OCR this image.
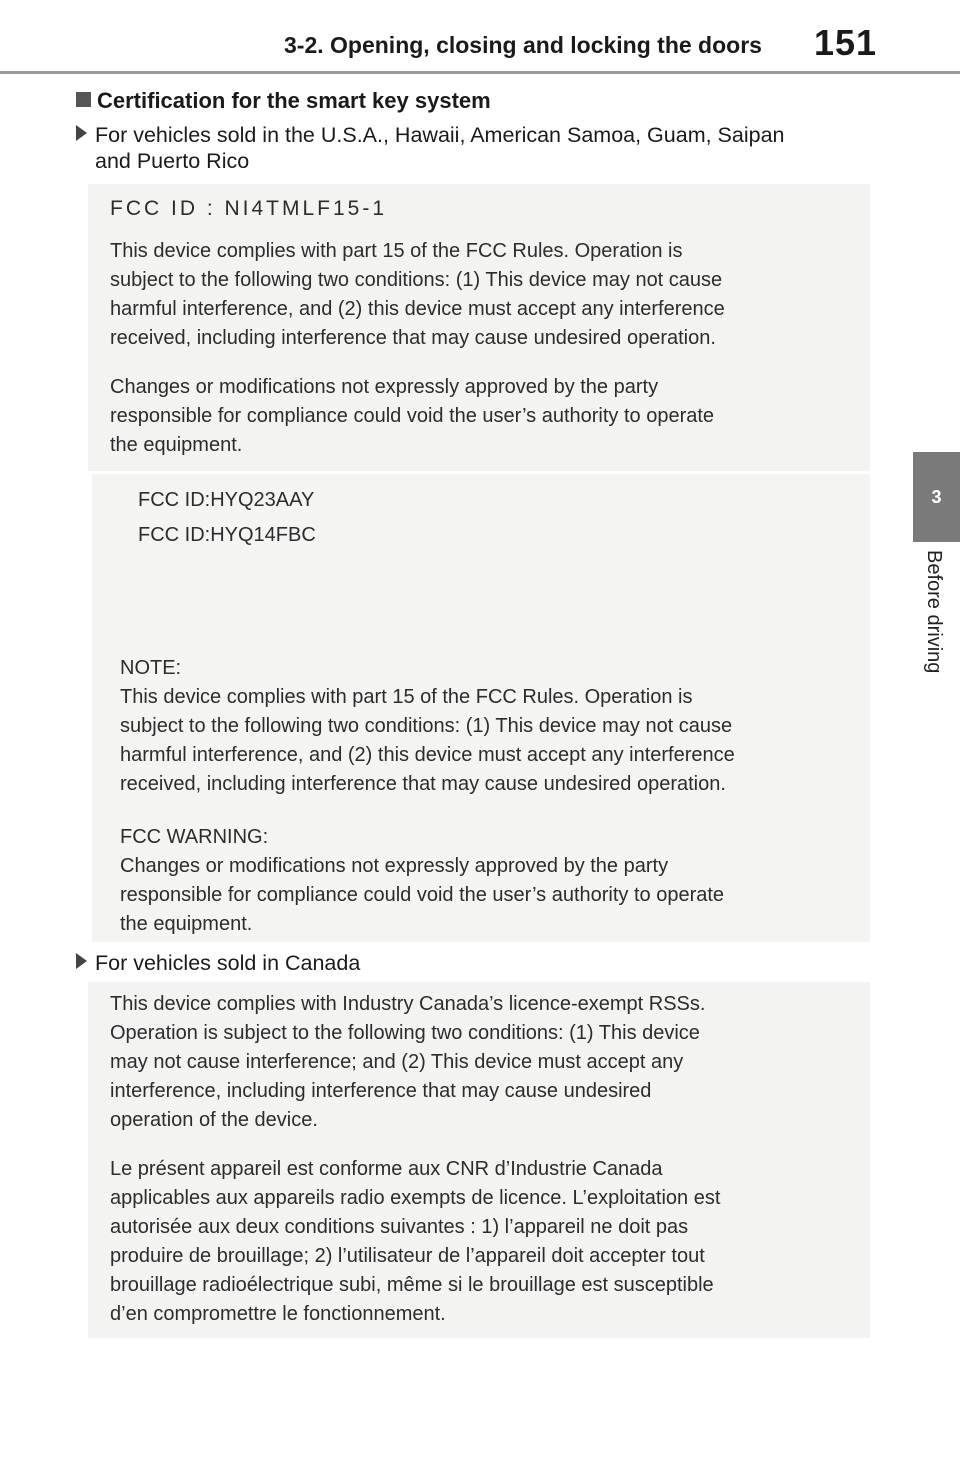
3-2. Opening, closing and locking the doors 151
3
Before driving
Certification for the smart key system
For vehicles sold in the U.S.A., Hawaii, American Samoa, Guam, Saipan
and Puerto Rico

FCC ID : NI4TMLF15-1

This device complies with part 15 of the FCC Rules. Operation is

subject to the following two conditions: (1) This device may not cause

harmful interference, and (2) this device must accept any interference

received, including interference that may cause undesired operation.

Changes or modifications not expressly approved by the party

responsible for compliance could void the user’s authority to operate

the equipment.

FCC ID:HYQ23AAY

FCC ID:HYQ14FBC

NOTE:

This device complies with part 15 of the FCC Rules. Operation is

subject to the following two conditions: (1) This device may not cause

harmful interference, and (2) this device must accept any interference

received, including interference that may cause undesired operation.

FCC WARNING:

Changes or modifications not expressly approved by the party

responsible for compliance could void the user’s authority to operate

the equipment.

For vehicles sold in Canada

This device complies with Industry Canada’s licence-exempt RSSs.

Operation is subject to the following two conditions: (1) This device

may not cause interference; and (2) This device must accept any

interference, including interference that may cause undesired

operation of the device.

Le présent appareil est conforme aux CNR d’Industrie Canada

applicables aux appareils radio exempts de licence. L’exploitation est

autorisée aux deux conditions suivantes : 1) l’appareil ne doit pas

produire de brouillage; 2) l’utilisateur de l’appareil doit accepter tout

brouillage radioélectrique subi, même si le brouillage est susceptible

d’en compromettre le fonctionnement.
